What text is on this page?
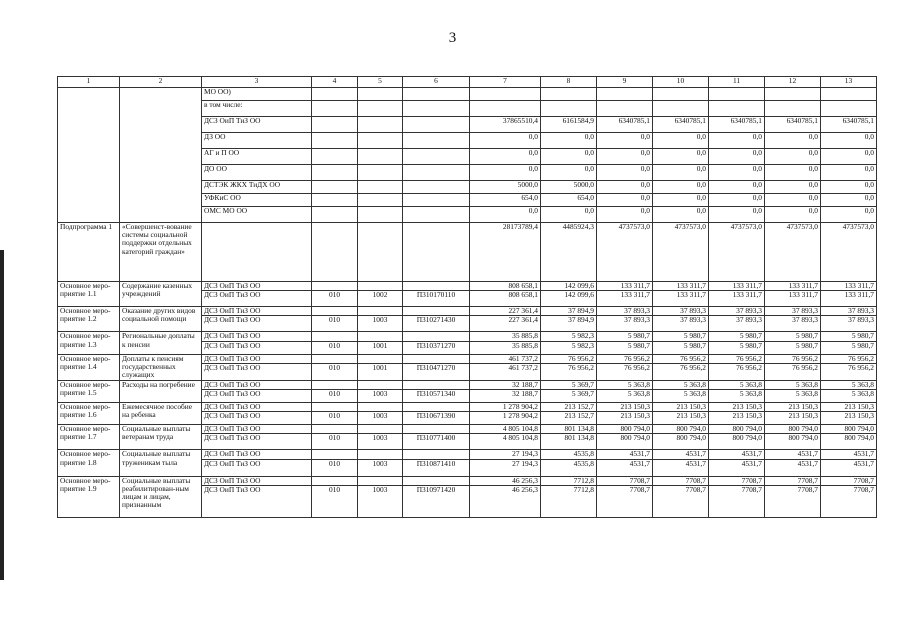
3
1	2	3	4	5	6	7	8	9	10	11	12	13
		МО ОО)										
		в том числе:										
		ДСЗ ОиП ТиЗ ОО				37865510,4	6161584,9	6340785,1	6340785,1	6340785,1	6340785,1	6340785,1
		ДЗ ОО				0,0	0,0	0,0	0,0	0,0	0,0	0,0
		АГ и П ОО				0,0	0,0	0,0	0,0	0,0	0,0	0,0
		ДО ОО				0,0	0,0	0,0	0,0	0,0	0,0	0,0
		ДСТЭК ЖКХ ТиДХ ОО				5000,0	5000,0	0,0	0,0	0,0	0,0	0,0
		УФКиС ОО				654,0	654,0	0,0	0,0	0,0	0,0	0,0
		ОМС МО ОО				0,0	0,0	0,0	0,0	0,0	0,0	0,0
Подпрограмма 1	«Совершенст-вование системы социальной поддержки отдельных категорий граждан»					28173789,4	4485924,3	4737573,0	4737573,0	4737573,0	4737573,0	4737573,0
Основное меро-приятие 1.1	Содержание казенных учреждений	ДСЗ ОиП ТиЗ ОО				808 658,1	142 099,6	133 311,7	133 311,7	133 311,7	133 311,7	133 311,7
		ДСЗ ОиП ТиЗ ОО	010	1002	П310170110	808 658,1	142 099,6	133 311,7	133 311,7	133 311,7	133 311,7	133 311,7
Основное меро-приятие 1.2	Оказание других видов социальной помощи	ДСЗ ОиП ТиЗ ОО				227 361,4	37 894,9	37 893,3	37 893,3	37 893,3	37 893,3	37 893,3
		ДСЗ ОиП ТиЗ ОО	010	1003	П310271430	227 361,4	37 894,9	37 893,3	37 893,3	37 893,3	37 893,3	37 893,3
Основное меро-приятие 1.3	Региональные доплаты к пенсии	ДСЗ ОиП ТиЗ ОО				35 885,8	5 982,3	5 980,7	5 980,7	5 980,7	5 980,7	5 980,7
		ДСЗ ОиП ТиЗ ОО	010	1001	П310371270	35 885,8	5 982,3	5 980,7	5 980,7	5 980,7	5 980,7	5 980,7
Основное меро-приятие 1.4	Доплаты к пенсиям государственных служащих	ДСЗ ОиП ТиЗ ОО				461 737,2	76 956,2	76 956,2	76 956,2	76 956,2	76 956,2	76 956,2
		ДСЗ ОиП ТиЗ ОО	010	1001	П310471270	461 737,2	76 956,2	76 956,2	76 956,2	76 956,2	76 956,2	76 956,2
Основное меро-приятие 1.5	Расходы на погребение	ДСЗ ОиП ТиЗ ОО				32 188,7	5 369,7	5 363,8	5 363,8	5 363,8	5 363,8	5 363,8
		ДСЗ ОиП ТиЗ ОО	010	1003	П310571340	32 188,7	5 369,7	5 363,8	5 363,8	5 363,8	5 363,8	5 363,8
Основное меро-приятие 1.6	Ежемесячное пособие на ребенка	ДСЗ ОиП ТиЗ ОО				1 278 904,2	213 152,7	213 150,3	213 150,3	213 150,3	213 150,3	213 150,3
		ДСЗ ОиП ТиЗ ОО	010	1003	П310671390	1 278 904,2	213 152,7	213 150,3	213 150,3	213 150,3	213 150,3	213 150,3
Основное меро-приятие 1.7	Социальные выплаты ветеранам труда	ДСЗ ОиП ТиЗ ОО				4 805 104,8	801 134,8	800 794,0	800 794,0	800 794,0	800 794,0	800 794,0
		ДСЗ ОиП ТиЗ ОО	010	1003	П310771400	4 805 104,8	801 134,8	800 794,0	800 794,0	800 794,0	800 794,0	800 794,0
Основное меро-приятие 1.8	Социальные выплаты труженикам тыла	ДСЗ ОиП ТиЗ ОО				27 194,3	4535,8	4531,7	4531,7	4531,7	4531,7	4531,7
		ДСЗ ОиП ТиЗ ОО	010	1003	П310871410	27 194,3	4535,8	4531,7	4531,7	4531,7	4531,7	4531,7
Основное меро-приятие 1.9	Социальные выплаты реабилитирован-ным лицам и лицам, признанным	ДСЗ ОиП ТиЗ ОО				46 256,3	7712,8	7708,7	7708,7	7708,7	7708,7	7708,7
		ДСЗ ОиП ТиЗ ОО	010	1003	П310971420	46 256,3	7712,8	7708,7	7708,7	7708,7	7708,7	7708,7
